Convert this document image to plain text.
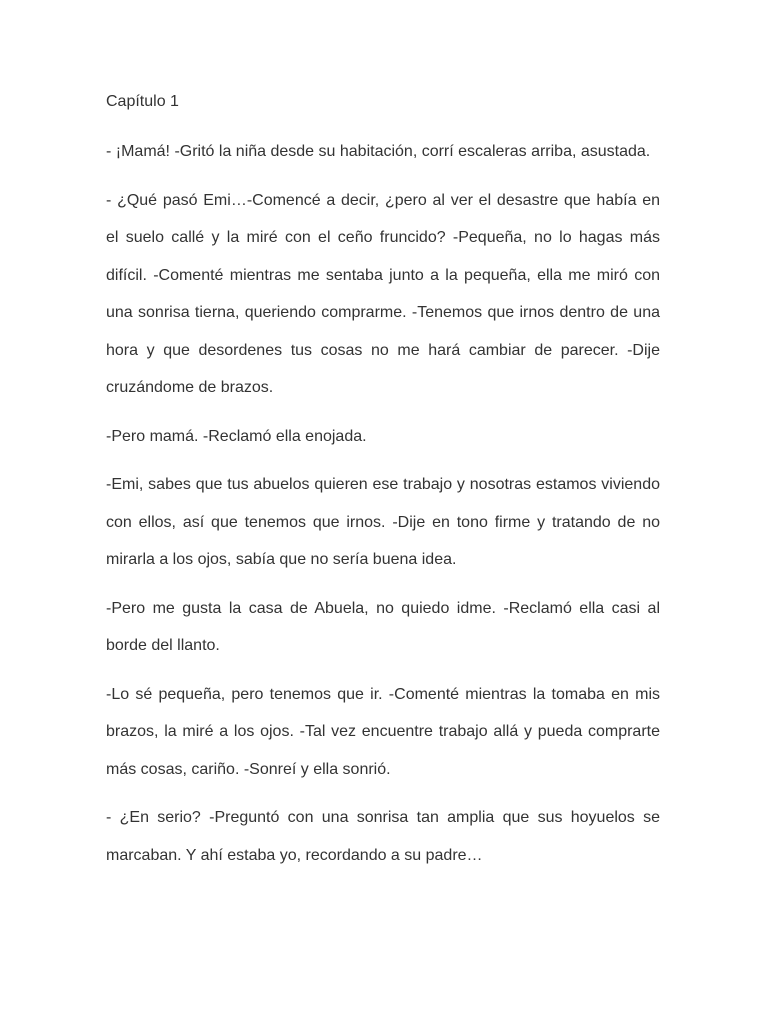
Capítulo 1

- ¡Mamá! -Gritó la niña desde su habitación, corrí escaleras arriba, asustada.

- ¿Qué pasó Emi…-Comencé a decir, ¿pero al ver el desastre que había en el suelo callé y la miré con el ceño fruncido? -Pequeña, no lo hagas más difícil. -Comenté mientras me sentaba junto a la pequeña, ella me miró con una sonrisa tierna, queriendo comprarme. -Tenemos que irnos dentro de una hora y que desordenes tus cosas no me hará cambiar de parecer. -Dije cruzándome de brazos.

-Pero mamá. -Reclamó ella enojada.

-Emi, sabes que tus abuelos quieren ese trabajo y nosotras estamos viviendo con ellos, así que tenemos que irnos. -Dije en tono firme y tratando de no mirarla a los ojos, sabía que no sería buena idea.

-Pero me gusta la casa de Abuela, no quiedo idme. -Reclamó ella casi al borde del llanto.

-Lo sé pequeña, pero tenemos que ir. -Comenté mientras la tomaba en mis brazos, la miré a los ojos. -Tal vez encuentre trabajo allá y pueda comprarte más cosas, cariño. -Sonreí y ella sonrió.

- ¿En serio? -Preguntó con una sonrisa tan amplia que sus hoyuelos se marcaban. Y ahí estaba yo, recordando a su padre…
